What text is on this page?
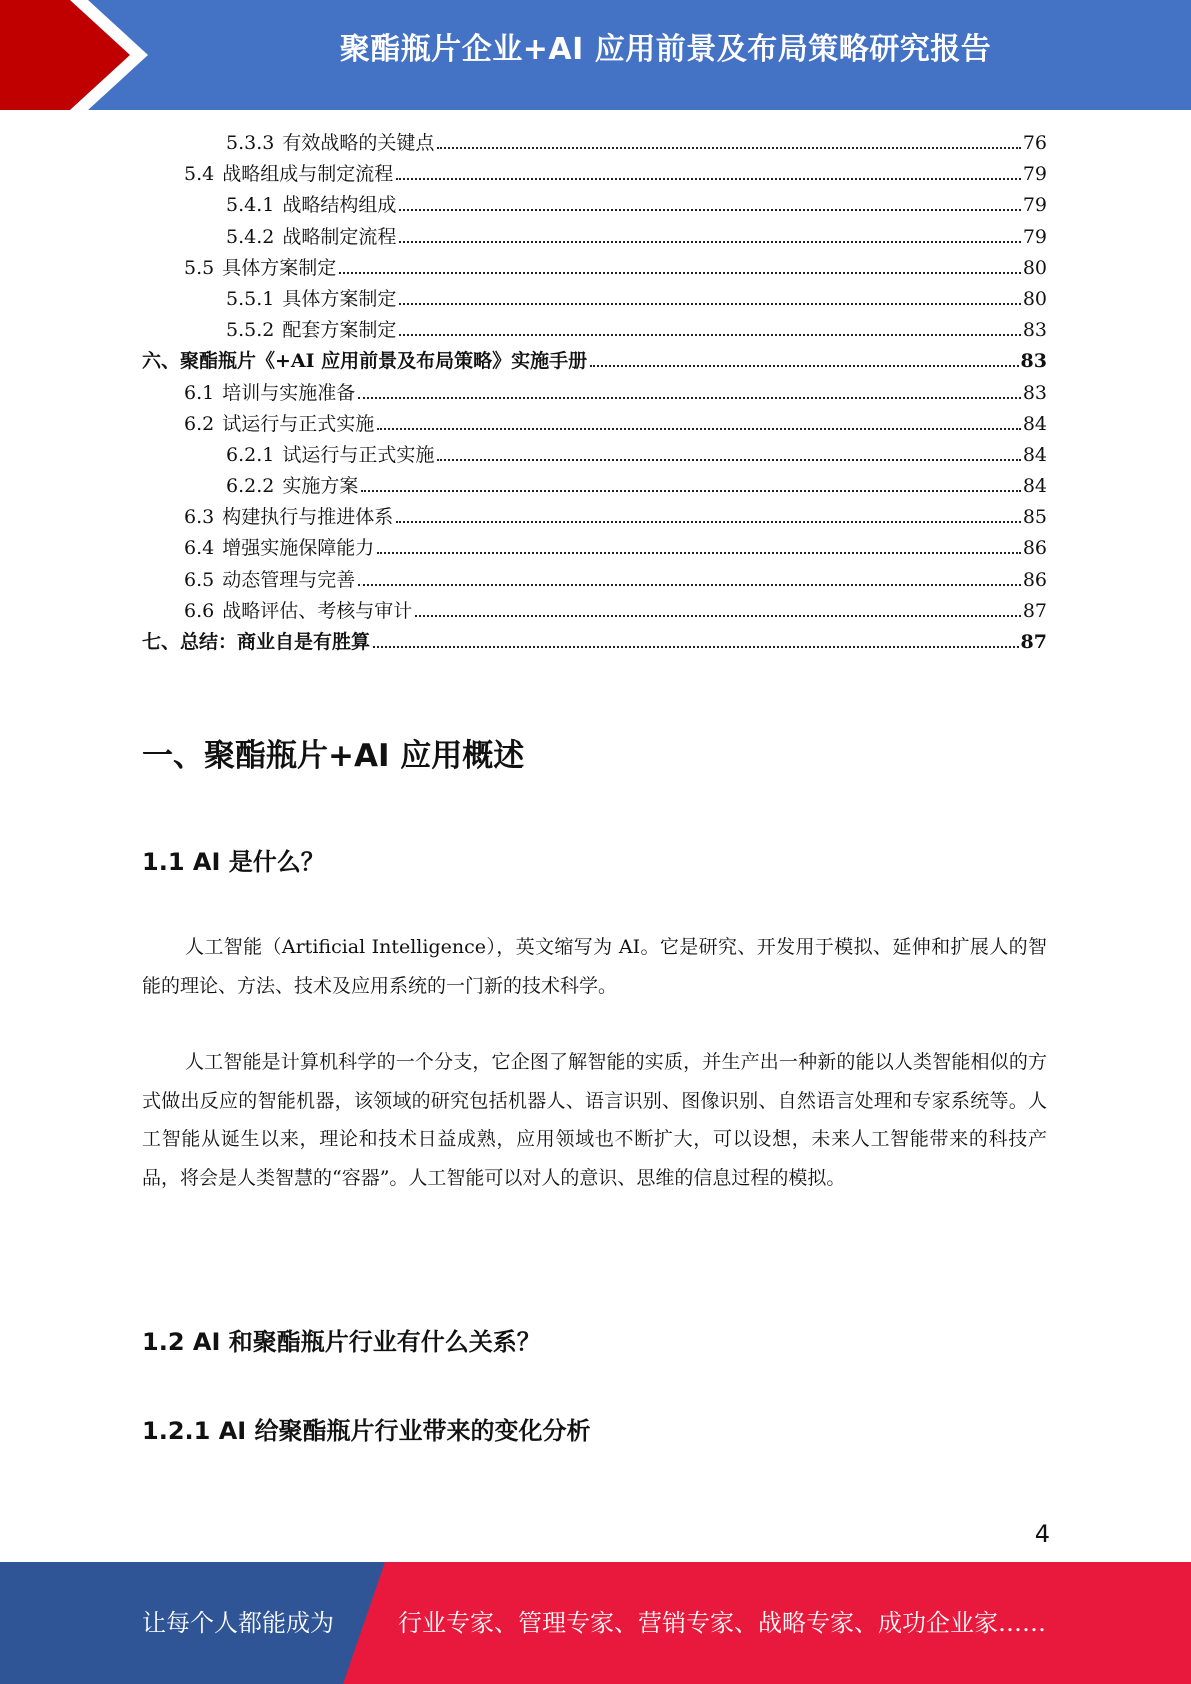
聚酯瓶片企业+AI 应用前景及布局策略研究报告
5.3.3 有效战略的关键点	76
5.4 战略组成与制定流程	79
5.4.1 战略结构组成	79
5.4.2 战略制定流程	79
5.5 具体方案制定	80
5.5.1 具体方案制定	80
5.5.2 配套方案制定	83
六、聚酯瓶片《+AI 应用前景及布局策略》实施手册	83
6.1 培训与实施准备	83
6.2 试运行与正式实施	84
6.2.1 试运行与正式实施	84
6.2.2 实施方案	84
6.3 构建执行与推进体系	85
6.4 增强实施保障能力	86
6.5 动态管理与完善	86
6.6 战略评估、考核与审计	87
七、总结：商业自是有胜算	87
一、聚酯瓶片+AI 应用概述
1.1 AI 是什么？
人工智能（Artificial Intelligence），英文缩写为 AI。它是研究、开发用于模拟、延伸和扩展人的智能的理论、方法、技术及应用系统的一门新的技术科学。
人工智能是计算机科学的一个分支，它企图了解智能的实质，并生产出一种新的能以人类智能相似的方式做出反应的智能机器，该领域的研究包括机器人、语言识别、图像识别、自然语言处理和专家系统等。人工智能从诞生以来，理论和技术日益成熟，应用领域也不断扩大，可以设想，未来人工智能带来的科技产品，将会是人类智慧的“容器”。人工智能可以对人的意识、思维的信息过程的模拟。
1.2 AI 和聚酯瓶片行业有什么关系？
1.2.1 AI 给聚酯瓶片行业带来的变化分析
4
让每个人都能成为	行业专家、管理专家、营销专家、战略专家、成功企业家……
